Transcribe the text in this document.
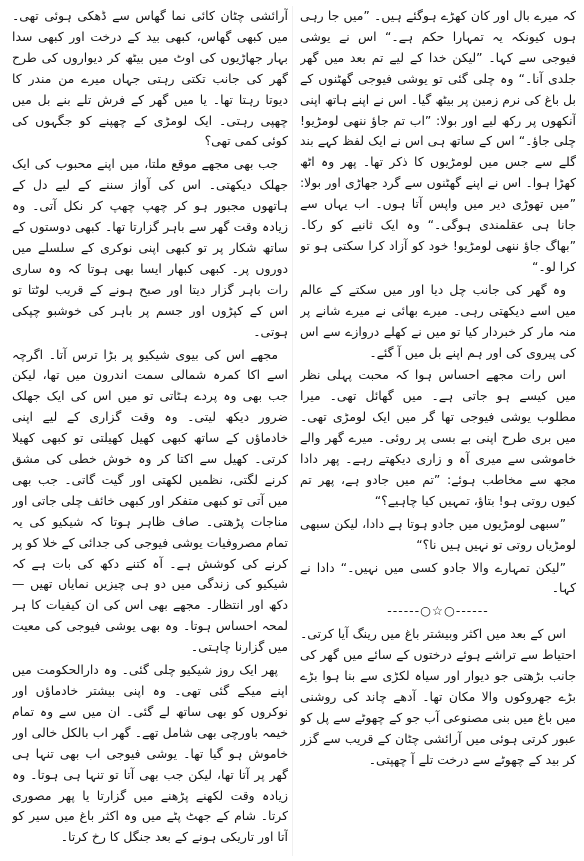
کہ میرے بال اور کان کھڑے ہوگئے ہیں۔ ”میں جا رہی ہوں کیونکہ یہ تمہارا حکم ہے۔“ اس نے یوشی فیوجی سے کہا۔ ”لیکن خدا کے لیے تم بعد میں گھر جلدی آنا۔“ وہ چلی گئی تو یوشی فیوجی گھٹنوں کے بل باغ کی نرم زمین پر بیٹھ گیا۔ اس نے اپنے ہاتھ اپنی آنکھوں پر رکھ لیے اور بولا: ”اب تم جاؤ ننھی لومڑیو! چلی جاؤ۔“ اس کے ساتھ ہی اس نے ایک لفظ کہے بند گلے سے جس میں لومڑیوں کا ذکر تھا۔ پھر وہ اٹھ کھڑا ہوا۔ اس نے اپنے گھٹنوں سے گرد جھاڑی اور بولا: ”میں تھوڑی دیر میں واپس آتا ہوں۔ اب یہاں سے جانا ہی عقلمندی ہوگی۔“ وہ ایک ثانیے کو رکا۔ ”بھاگ جاؤ ننھی لومڑیو! خود کو آزاد کرا سکتی ہو تو کرا لو۔“

وہ گھر کی جانب چل دیا اور میں سکتے کے عالم میں اسے دیکھتی رہی۔ میرے بھائی نے میرے شانے پر منہ مار کر خبردار کیا تو میں نے کھلے دروازے سے اس کی پیروی کی اور ہم اپنے بل میں آ گئے۔

اس رات مجھے احساس ہوا کہ محبت پہلی نظر میں کیسے ہو جاتی ہے۔ میں گھائل تھی۔ میرا مطلوب یوشی فیوجی تھا گر میں ایک لومڑی تھی۔ میں بری طرح اپنی بے بسی پر روئی۔ میرے گھر والے خاموشی سے میری آہ و زاری دیکھتے رہے۔ پھر دادا مجھ سے مخاطب ہوئے: ”تم میں جادو ہے، پھر تم کیوں روتی ہو! بتاؤ، تمہیں کیا چاہیے؟“

”سبھی لومڑیوں میں جادو ہوتا ہے دادا، لیکن سبھی لومڑیاں روتی تو نہیں ہیں نا؟“

”لیکن تمہارے والا جادو کسی میں نہیں۔“ دادا نے کہا۔

------○☆○------

اس کے بعد میں اکثر وبیشتر باغ میں رینگ آیا کرتی۔ احتیاط سے تراشے ہوئے درختوں کے سائے میں گھر کی جانب بڑھتی جو دیوار اور سیاہ لکڑی سے بنا ہوا بڑے بڑے جھروکوں والا مکان تھا۔ آدھے چاند کی روشنی میں باغ میں بنی مصنوعی آب جو کے چھوٹے سے پل کو عبور کرتی ہوئی میں آرائشی چٹان کے قریب سے گزر کر بید کے چھوٹے سے درخت تلے آ چھپتی۔

آرائشی چٹان کائی نما گھاس سے ڈھکی ہوئی تھی۔ میں کبھی گھاس، کبھی بید کے درخت اور کبھی سدا بہار جھاڑیوں کی اوٹ میں بیٹھ کر دیواروں کی طرح گھر کی جانب تکتی رہتی جہاں میرے من مندر کا دیوتا رہتا تھا۔ یا میں گھر کے فرش تلے بنے بل میں چھپی رہتی۔ ایک لومڑی کے چھپنے کو جگہوں کی کوئی کمی تھی؟

جب بھی مجھے موقع ملتا، میں اپنے محبوب کی ایک جھلک دیکھتی۔ اس کی آواز سننے کے لیے دل کے ہاتھوں مجبور ہو کر چھپ چھپ کر نکل آتی۔ وہ زیادہ وقت گھر سے باہر گزارتا تھا۔ کبھی دوستوں کے ساتھ شکار پر تو کبھی اپنی نوکری کے سلسلے میں دوروں پر۔ کبھی کبھار ایسا بھی ہوتا کہ وہ ساری رات باہر گزار دیتا اور صبح ہونے کے قریب لوٹتا تو اس کے کپڑوں اور جسم پر باہر کی خوشبو چپکی ہوتی۔

مجھے اس کی بیوی شیکیو پر بڑا ترس آتا۔ اگرچہ اسے اکا کمرہ شمالی سمت اندرون میں تھا، لیکن جب بھی وہ پردے ہٹاتی تو میں اس کی ایک جھلک ضرور دیکھ لیتی۔ وہ وقت گزاری کے لیے اپنی خادماؤں کے ساتھ کبھی کھیل کھیلتی تو کبھی کھیلا کرتی۔ کھیل سے اکتا کر وہ خوش خطی کی مشق کرنے لگتی، نظمیں لکھتی اور گیت گاتی۔ جب بھی میں آتی تو کبھی متفکر اور کبھی خائف چلی جاتی اور مناجات پڑھتی۔ صاف ظاہر ہوتا کہ شیکیو کی یہ تمام مصروفیات یوشی فیوجی کی جدائی کے خلا کو پر کرنے کی کوشش ہے۔ آہ کتنے دکھ کی بات ہے کہ شیکیو کی زندگی میں دو ہی چیزیں نمایاں تھیں — دکھ اور انتظار۔ مجھے بھی اس کی ان کیفیات کا ہر لمحہ احساس ہوتا۔ وہ بھی یوشی فیوجی کی معیت میں گزارنا چاہتی۔

پھر ایک روز شیکیو چلی گئی۔ وہ دارالحکومت میں اپنے میکے گئی تھی۔ وہ اپنی بیشتر خادماؤں اور نوکروں کو بھی ساتھ لے گئی۔ ان میں سے وہ تمام خیمہ باورچی بھی شامل تھے۔ گھر اب بالکل خالی اور خاموش ہو گیا تھا۔ یوشی فیوجی اب بھی تنہا ہی گھر پر آتا تھا، لیکن جب بھی آتا تو تنہا ہی ہوتا۔ وہ زیادہ وقت لکھنے پڑھنے میں گزارتا یا پھر مصوری کرتا۔ شام کے جھٹ پٹے میں وہ اکثر باغ میں سیر کو آتا اور تاریکی ہونے کے بعد جنگل کا رخ کرتا۔
